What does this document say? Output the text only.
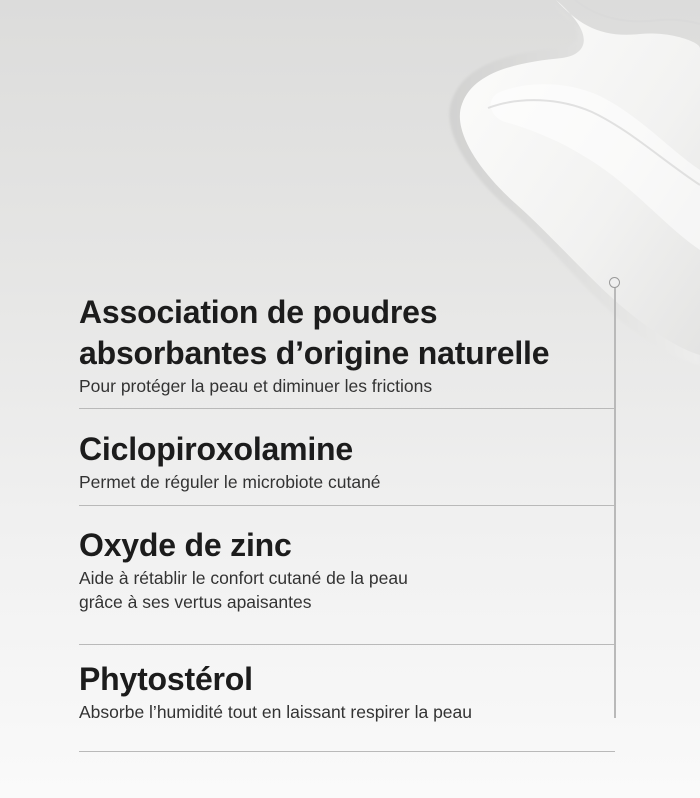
Association de poudres
absorbantes d’origine naturelle

Pour protéger la peau et diminuer les frictions

Ciclopiroxolamine

Permet de réguler le microbiote cutané

Oxyde de zinc

Aide à rétablir le confort cutané de la peau
grâce à ses vertus apaisantes

Phytostérol

Absorbe l’humidité tout en laissant respirer la peau
